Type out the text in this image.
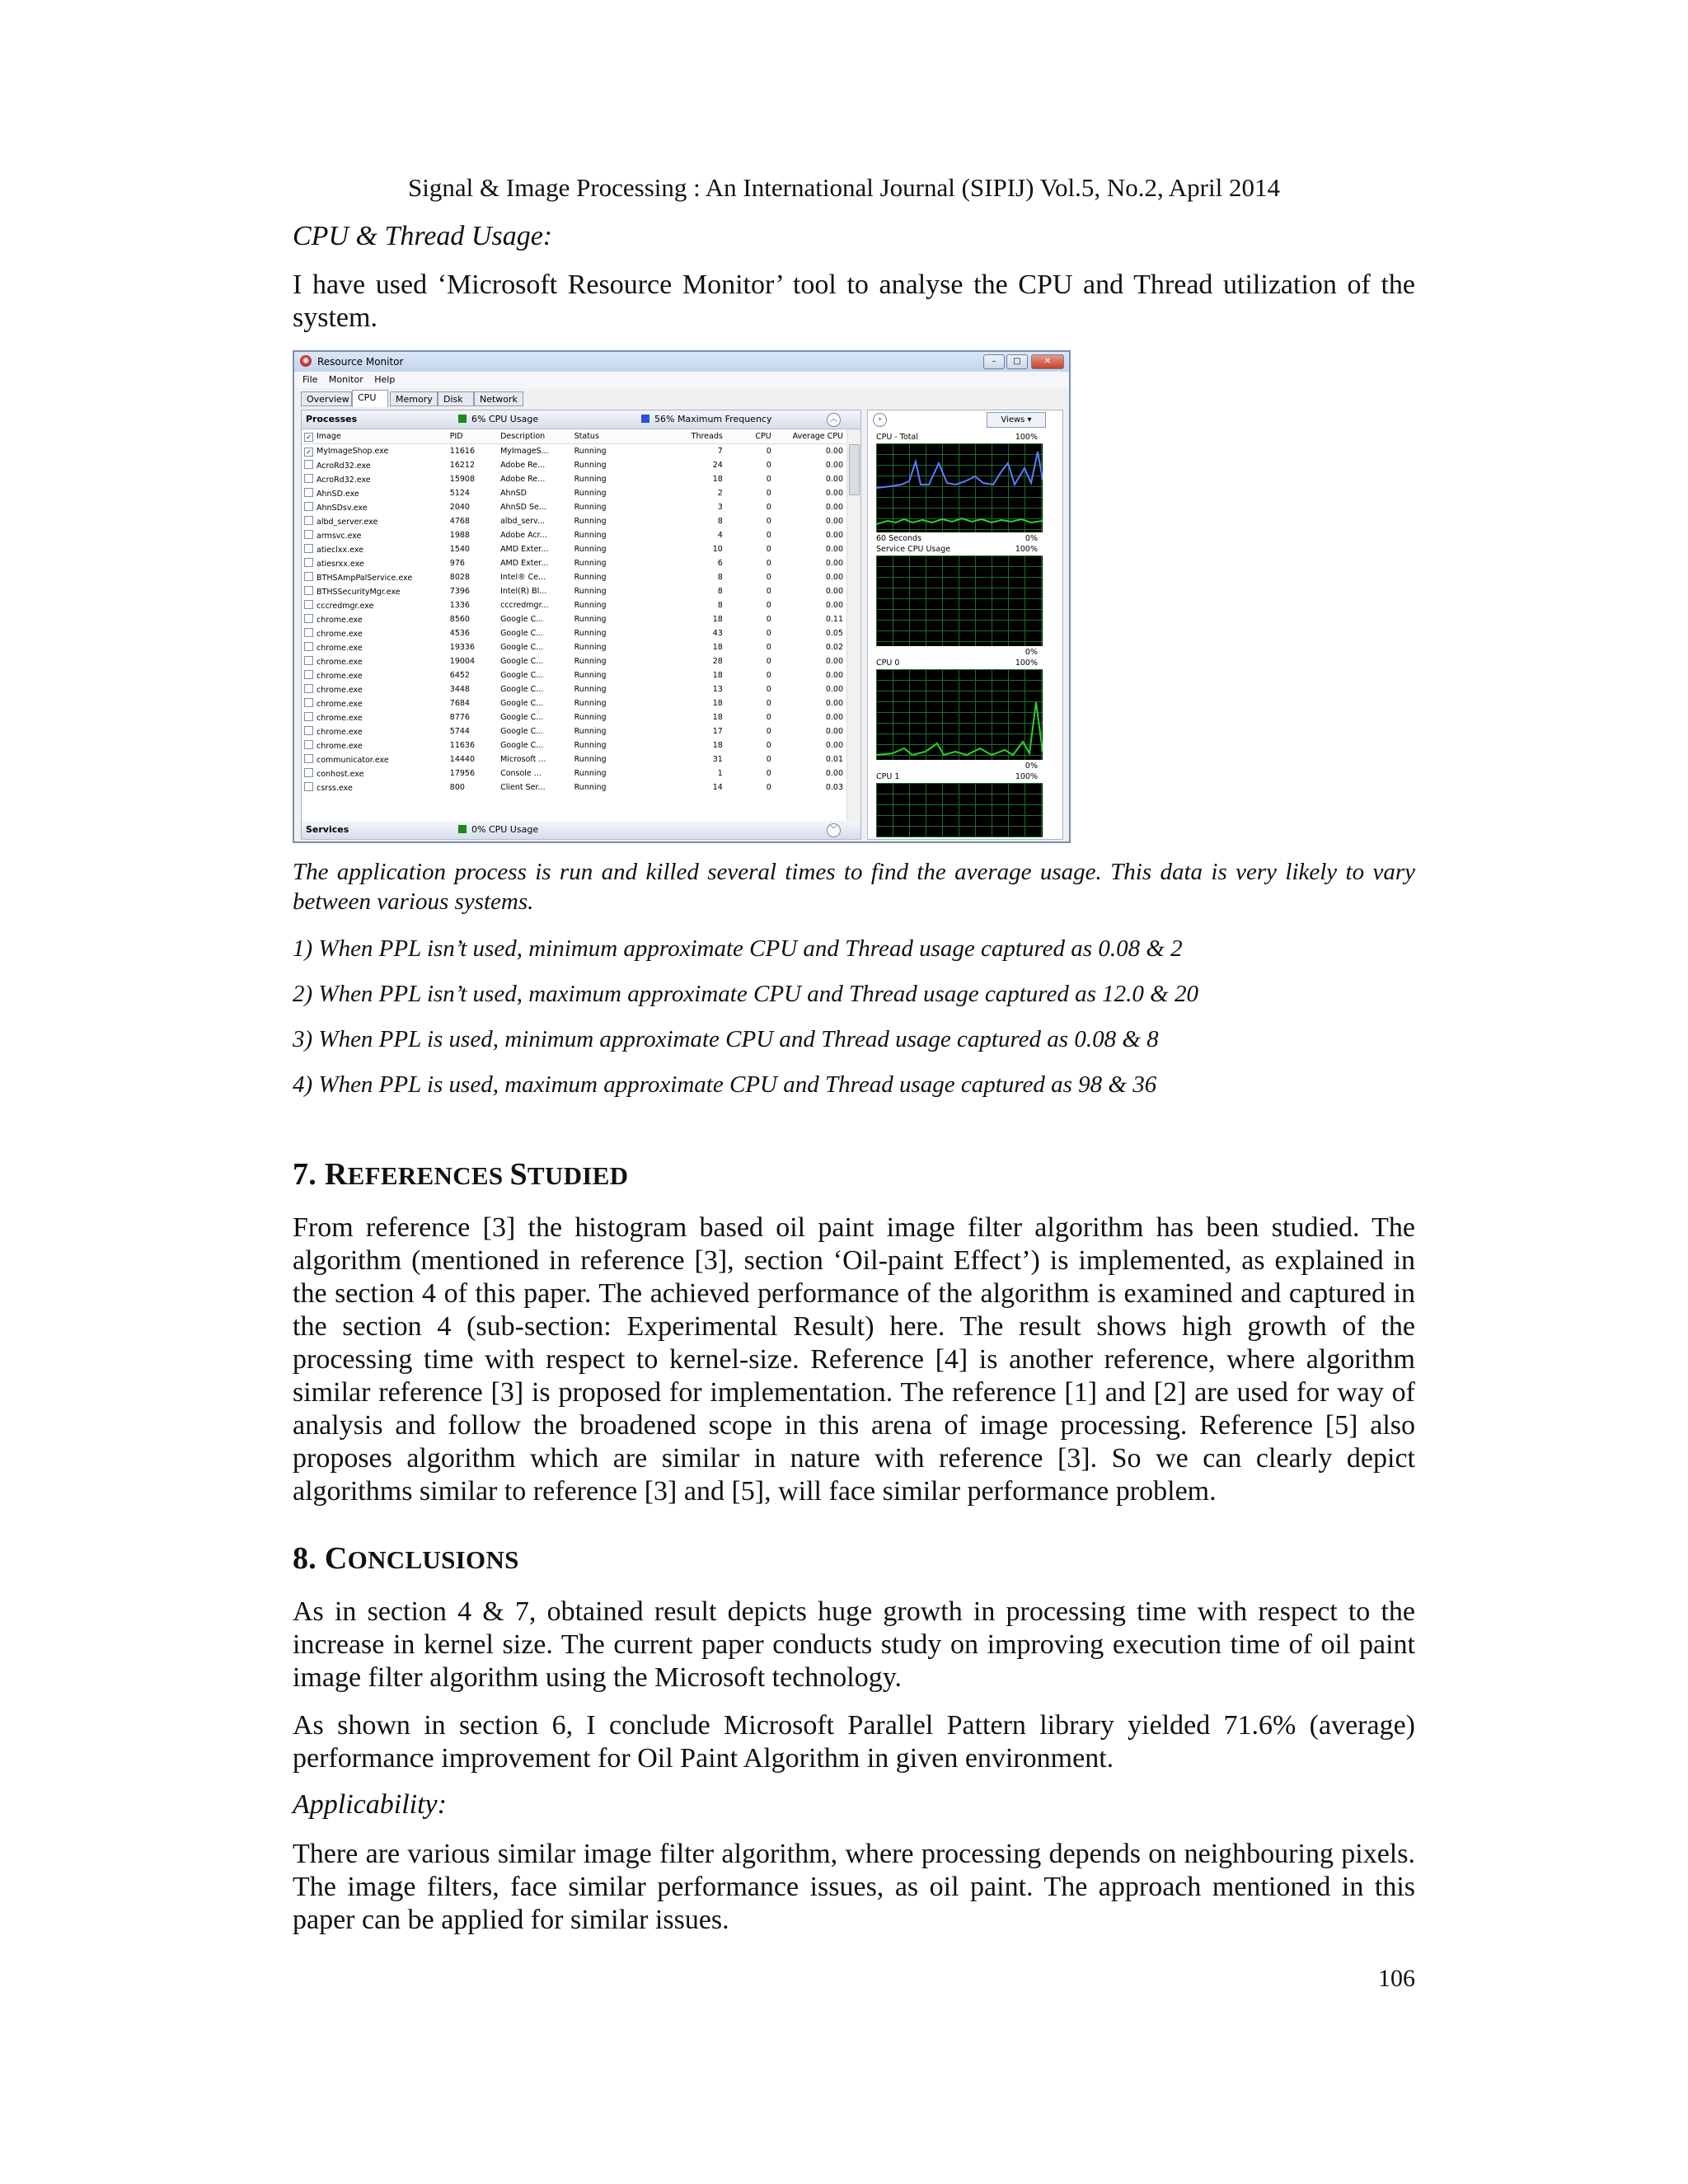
Signal & Image Processing : An International Journal (SIPIJ) Vol.5, No.2, April 2014
CPU & Thread Usage:

I have used ‘Microsoft Resource Monitor’ tool to analyse the CPU and Thread utilization of the system.

◉ Resource Monitor	–	□	✕
File Monitor Help
Overview CPU	Memory	Disk	Network
Processes	6% CPU Usage	56% Maximum Frequency	︿
✓ Image	PID	Description	Status	Threads	CPU	Average CPU
✓ MyImageShop.exe	11616	MyImageS...	Running	7	0	0.00
AcroRd32.exe	16212	Adobe Re...	Running	24	0	0.00
AcroRd32.exe	15908	Adobe Re...	Running	18	0	0.00
AhnSD.exe	5124	AhnSD	Running	2	0	0.00
AhnSDsv.exe	2040	AhnSD Se...	Running	3	0	0.00
albd_server.exe	4768	albd_serv...	Running	8	0	0.00
armsvc.exe	1988	Adobe Acr...	Running	4	0	0.00
atieclxx.exe	1540	AMD Exter...	Running	10	0	0.00
atiesrxx.exe	976	AMD Exter...	Running	6	0	0.00
BTHSAmpPalService.exe	8028	Intel® Ce...	Running	8	0	0.00
BTHSSecurityMgr.exe	7396	Intel(R) Bl...	Running	8	0	0.00
cccredmgr.exe	1336	cccredmgr...	Running	8	0	0.00
chrome.exe	8560	Google C...	Running	18	0	0.11
chrome.exe	4536	Google C...	Running	43	0	0.05
chrome.exe	19336	Google C...	Running	18	0	0.02
chrome.exe	19004	Google C...	Running	28	0	0.00
chrome.exe	6452	Google C...	Running	18	0	0.00
chrome.exe	3448	Google C...	Running	13	0	0.00
chrome.exe	7684	Google C...	Running	18	0	0.00
chrome.exe	8776	Google C...	Running	18	0	0.00
chrome.exe	5744	Google C...	Running	17	0	0.00
chrome.exe	11636	Google C...	Running	18	0	0.00
communicator.exe	14440	Microsoft ...	Running	31	0	0.01
conhost.exe	17956	Console ...	Running	1	0	0.00
csrss.exe	800	Client Ser...	Running	14	0	0.03
Services	0% CPU Usage	﹀
›	Views ▾
CPU - Total	100%
60 Seconds	0%
Service CPU Usage	100%
0%
CPU 0	100%
0%
CPU 1	100%

The application process is run and killed several times to find the average usage. This data is very likely to vary between various systems.

1) When PPL isn’t used, minimum approximate CPU and Thread usage captured as 0.08 & 2
2) When PPL isn’t used, maximum approximate CPU and Thread usage captured as 12.0 & 20
3) When PPL is used, minimum approximate CPU and Thread usage captured as 0.08 & 8
4) When PPL is used, maximum approximate CPU and Thread usage captured as 98 & 36
7. REFERENCES STUDIED

From reference [3] the histogram based oil paint image filter algorithm has been studied. The algorithm (mentioned in reference [3], section ‘Oil-paint Effect’) is implemented, as explained in the section 4 of this paper. The achieved performance of the algorithm is examined and captured in the section 4 (sub-section: Experimental Result) here. The result shows high growth of the processing time with respect to kernel-size. Reference [4] is another reference, where algorithm similar reference [3] is proposed for implementation. The reference [1] and [2] are used for way of analysis and follow the broadened scope in this arena of image processing. Reference [5] also proposes algorithm which are similar in nature with reference [3]. So we can clearly depict algorithms similar to reference [3] and [5], will face similar performance problem.

8. CONCLUSIONS

As in section 4 & 7, obtained result depicts huge growth in processing time with respect to the increase in kernel size. The current paper conducts study on improving execution time of oil paint image filter algorithm using the Microsoft technology.

As shown in section 6, I conclude Microsoft Parallel Pattern library yielded 71.6% (average) performance improvement for Oil Paint Algorithm in given environment.

Applicability:

There are various similar image filter algorithm, where processing depends on neighbouring pixels. The image filters, face similar performance issues, as oil paint. The approach mentioned in this paper can be applied for similar issues.

106
